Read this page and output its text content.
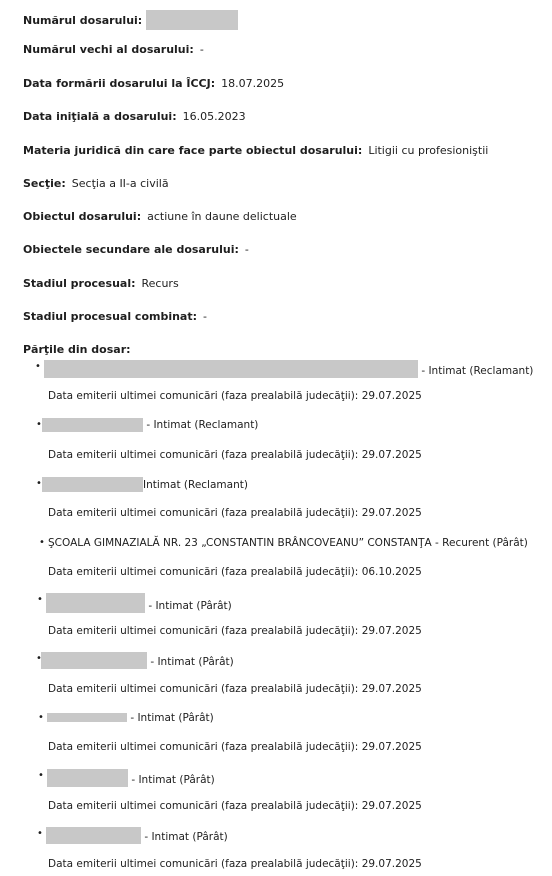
Numărul dosarului:
Numărul vechi al dosarului: -
Data formării dosarului la ÎCCJ: 18.07.2025
Data iniţială a dosarului: 16.05.2023
Materia juridică din care face parte obiectul dosarului: Litigii cu profesioniştii
Secţie: Secţia a II-a civilă
Obiectul dosarului: actiune în daune delictuale
Obiectele secundare ale dosarului: -
Stadiul procesual: Recurs
Stadiul procesual combinat: -
Părţile din dosar:
•	- Intimat (Reclamant)
Data emiterii ultimei comunicări (faza prealabilă judecăţii): 29.07.2025
•	- Intimat (Reclamant)
Data emiterii ultimei comunicări (faza prealabilă judecăţii): 29.07.2025
•	Intimat (Reclamant)
Data emiterii ultimei comunicări (faza prealabilă judecăţii): 29.07.2025
• ŞCOALA GIMNAZIALĂ NR. 23 „CONSTANTIN BRÂNCOVEANU” CONSTANŢA - Recurent (Pârât)
Data emiterii ultimei comunicări (faza prealabilă judecăţii): 06.10.2025
•
- Intimat (Pârât)
Data emiterii ultimei comunicări (faza prealabilă judecăţii): 29.07.2025
•	- Intimat (Pârât)
Data emiterii ultimei comunicări (faza prealabilă judecăţii): 29.07.2025
•	- Intimat (Pârât)
Data emiterii ultimei comunicări (faza prealabilă judecăţii): 29.07.2025
•	- Intimat (Pârât)
Data emiterii ultimei comunicări (faza prealabilă judecăţii): 29.07.2025
•	- Intimat (Pârât)
Data emiterii ultimei comunicări (faza prealabilă judecăţii): 29.07.2025
